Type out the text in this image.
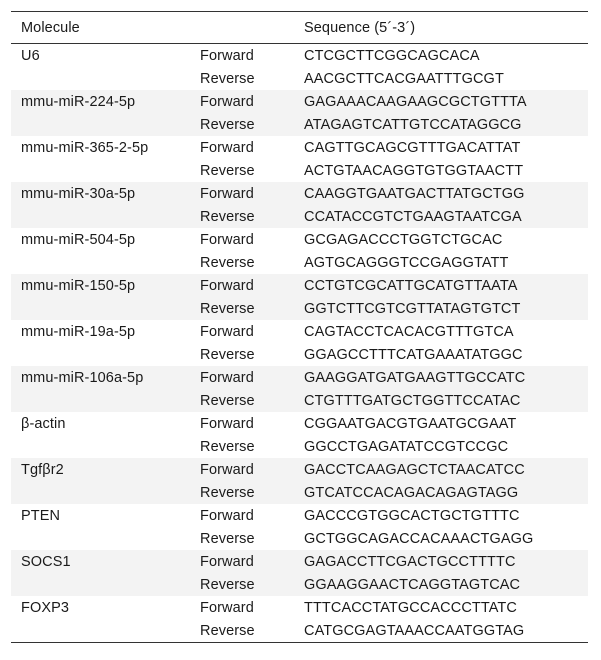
Molecule		Sequence (5´-3´)
U6	Forward	CTCGCTTCGGCAGCACA
	Reverse	AACGCTTCACGAATTTGCGT
mmu-miR-224-5p	Forward	GAGAAACAAGAAGCGCTGTTTA
	Reverse	ATAGAGTCATTGTCCATAGGCG
mmu-miR-365-2-5p	Forward	CAGTTGCAGCGTTTGACATTAT
	Reverse	ACTGTAACAGGTGTGGTAACTT
mmu-miR-30a-5p	Forward	CAAGGTGAATGACTTATGCTGG
	Reverse	CCATACCGTCTGAAGTAATCGA
mmu-miR-504-5p	Forward	GCGAGACCCTGGTCTGCAC
	Reverse	AGTGCAGGGTCCGAGGTATT
mmu-miR-150-5p	Forward	CCTGTCGCATTGCATGTTAATA
	Reverse	GGTCTTCGTCGTTATAGTGTCT
mmu-miR-19a-5p	Forward	CAGTACCTCACACGTTTGTCA
	Reverse	GGAGCCTTTCATGAAATATGGC
mmu-miR-106a-5p	Forward	GAAGGATGATGAAGTTGCCATC
	Reverse	CTGTTTGATGCTGGTTCCATAC
β-actin	Forward	CGGAATGACGTGAATGCGAAT
	Reverse	GGCCTGAGATATCCGTCCGC
Tgfβr2	Forward	GACCTCAAGAGCTCTAACATCC
	Reverse	GTCATCCACAGACAGAGTAGG
PTEN	Forward	GACCCGTGGCACTGCTGTTTC
	Reverse	GCTGGCAGACCACAAACTGAGG
SOCS1	Forward	GAGACCTTCGACTGCCTTTTC
	Reverse	GGAAGGAACTCAGGTAGTCAC
FOXP3	Forward	TTTCACCTATGCCACCCTTATC
	Reverse	CATGCGAGTAAACCAATGGTAG
